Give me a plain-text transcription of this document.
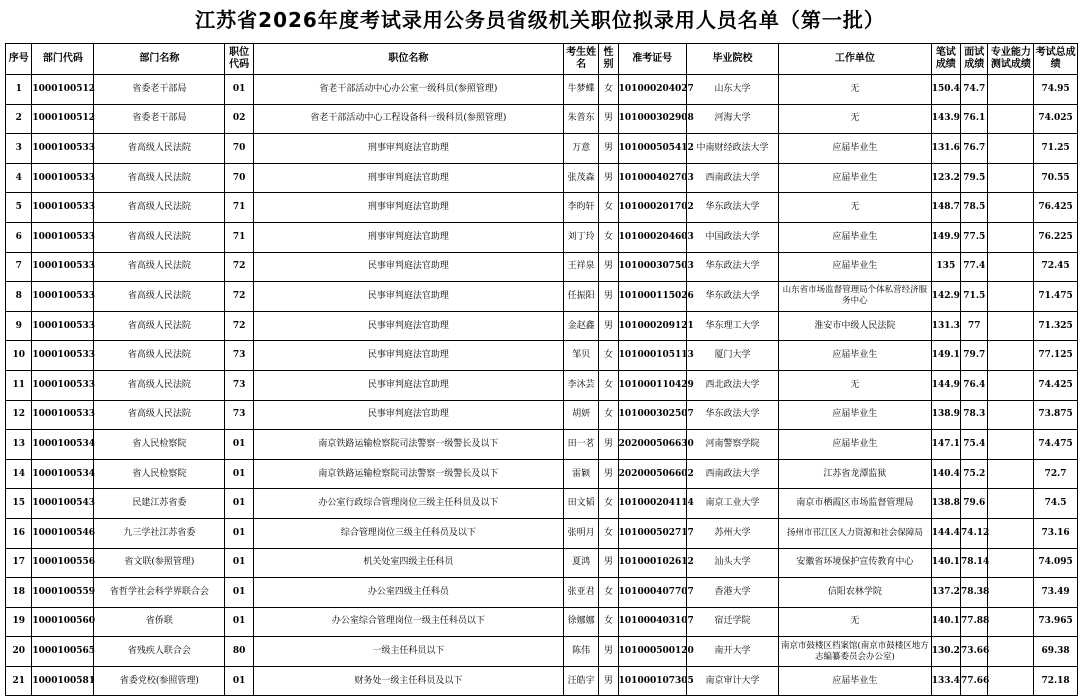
江苏省2026年度考试录用公务员省级机关职位拟录用人员名单（第一批）
序号	部门代码	部门名称	职位代码	职位名称	考生姓名	性别	准考证号	毕业院校	工作单位	笔试成绩	面试成绩	专业能力测试成绩	考试总成绩
1	1000100512	省委老干部局	01	省老干部活动中心办公室一级科员(参照管理)	牛梦蝶	女	101000204027	山东大学	无	150.4	74.7		74.95
2	1000100512	省委老干部局	02	省老干部活动中心工程设备科一级科员(参照管理)	朱普东	男	101000302908	河海大学	无	143.9	76.1		74.025
3	1000100533	省高级人民法院	70	刑事审判庭法官助理	万意	男	101000505412	中南财经政法大学	应届毕业生	131.6	76.7		71.25
4	1000100533	省高级人民法院	70	刑事审判庭法官助理	张茂森	男	101000402703	西南政法大学	应届毕业生	123.2	79.5		70.55
5	1000100533	省高级人民法院	71	刑事审判庭法官助理	李昀轩	女	101000201702	华东政法大学	无	148.7	78.5		76.425
6	1000100533	省高级人民法院	71	刑事审判庭法官助理	刘丁玲	女	101000204603	中国政法大学	应届毕业生	149.9	77.5		76.225
7	1000100533	省高级人民法院	72	民事审判庭法官助理	王祥泉	男	101000307503	华东政法大学	应届毕业生	135	77.4		72.45
8	1000100533	省高级人民法院	72	民事审判庭法官助理	任振阳	男	101000115026	华东政法大学	山东省市场监督管理局个体私营经济服务中心	142.9	71.5		71.475
9	1000100533	省高级人民法院	72	民事审判庭法官助理	金赵鑫	男	101000209121	华东理工大学	淮安市中级人民法院	131.3	77		71.325
10	1000100533	省高级人民法院	73	民事审判庭法官助理	邹贝	女	101000105113	厦门大学	应届毕业生	149.1	79.7		77.125
11	1000100533	省高级人民法院	73	民事审判庭法官助理	李沐芸	女	101000110429	西北政法大学	无	144.9	76.4		74.425
12	1000100533	省高级人民法院	73	民事审判庭法官助理	胡妍	女	101000302507	华东政法大学	应届毕业生	138.9	78.3		73.875
13	1000100534	省人民检察院	01	南京铁路运输检察院司法警察一级警长及以下	田一茗	男	202000506630	河南警察学院	应届毕业生	147.1	75.4		74.475
14	1000100534	省人民检察院	01	南京铁路运输检察院司法警察一级警长及以下	雷颖	男	202000506602	西南政法大学	江苏省龙潭监狱	140.4	75.2		72.7
15	1000100543	民建江苏省委	01	办公室行政综合管理岗位三级主任科员及以下	田文韬	女	101000204114	南京工业大学	南京市栖霞区市场监督管理局	138.8	79.6		74.5
16	1000100546	九三学社江苏省委	01	综合管理岗位三级主任科员及以下	张明月	女	101000502717	苏州大学	扬州市邗江区人力资源和社会保障局	144.4	74.12		73.16
17	1000100556	省文联(参照管理)	01	机关处室四级主任科员	夏鸿	男	101000102612	汕头大学	安徽省环境保护宣传教育中心	140.1	78.14		74.095
18	1000100559	省哲学社会科学界联合会	01	办公室四级主任科员	张亚君	女	101000407707	香港大学	信阳农林学院	137.2	78.38		73.49
19	1000100560	省侨联	01	办公室综合管理岗位一级主任科员以下	徐娜娜	女	101000403107	宿迁学院	无	140.1	77.88		73.965
20	1000100565	省残疾人联合会	80	一级主任科员以下	陈伟	男	101000500120	南开大学	南京市鼓楼区档案馆(南京市鼓楼区地方志编纂委员会办公室)	130.2	73.66		69.38
21	1000100581	省委党校(参照管理)	01	财务处一级主任科员及以下	汪皓宇	男	101000107305	南京审计大学	应届毕业生	133.4	77.66		72.18
